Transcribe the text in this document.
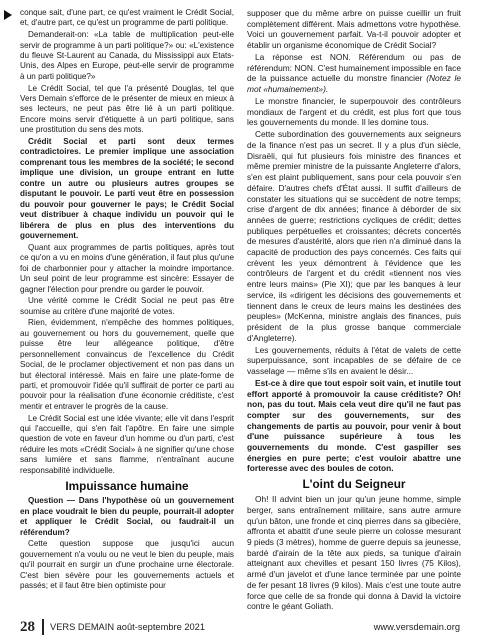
conque sait, d'une part, ce qu'est vraiment le Crédit Social, et, d'autre part, ce qu'est un programme de parti politique.

Demanderait-on: «La table de multiplication peut-elle servir de programme à un parti politique?» ou: «L'existence du fleuve St-Laurent au Canada, du Mississippi aux Etats-Unis, des Alpes en Europe, peut-elle servir de programme à un parti politique?»

Le Crédit Social, tel que l'a présenté Douglas, tel que Vers Demain s'efforce de le présenter de mieux en mieux à ses lecteurs, ne peut pas être lié à un parti politique. Encore moins servir d'étiquette à un parti politique, sans une prostitution du sens des mots.

Crédit Social et parti sont deux termes contradictoires. Le premier implique une association comprenant tous les membres de la société; le second implique une division, un groupe entrant en lutte contre un autre ou plusieurs autres groupes se disputant le pouvoir. Le parti veut être en possession du pouvoir pour gouverner le pays; le Crédit Social veut distribuer à chaque individu un pouvoir qui le libérera de plus en plus des interventions du gouvernement.

Quant aux programmes de partis politiques, après tout ce qu'on a vu en moins d'une génération, il faut plus qu'une foi de charbonnier pour y attacher la moindre importance. Un seul point de leur programme est sincère: Essayer de gagner l'élection pour prendre ou garder le pouvoir.

Une vérité comme le Crédit Social ne peut pas être soumise au critère d'une majorité de votes.

Rien, évidemment, n'empêche des hommes politiques, au gouvernement ou hors du gouvernement, quelle que puisse être leur allégeance politique, d'être personnellement convaincus de l'excellence du Crédit Social, de le proclamer objectivement et non pas dans un but électoral intéressé. Mais en faire une plate-forme de parti, et promouvoir l'idée qu'il suffirait de porter ce parti au pouvoir pour la réalisation d'une économie créditiste, c'est mentir et entraver le progrès de la cause.

Le Crédit Social est une idée vivante; elle vit dans l'esprit qui l'accueille, qui s'en fait l'apôtre. En faire une simple question de vote en faveur d'un homme ou d'un parti, c'est réduire les mots «Crédit Social» à ne signifier qu'une chose sans lumière et sans flamme, n'entraînant aucune responsabilité individuelle.

Impuissance humaine

Question — Dans l'hypothèse où un gouvernement en place voudrait le bien du peuple, pourrait-il adopter et appliquer le Crédit Social, ou faudrait-il un référendum?

Cette question suppose que jusqu'ici aucun gouvernement n'a voulu ou ne veut le bien du peuple, mais qu'il pourrait en surgir un d'une prochaine urne électorale. C'est bien sévère pour les gouvernements actuels et passés; et il faut être bien optimiste pour

supposer que du même arbre on puisse cueillir un fruit complètement différent. Mais admettons votre hypothèse. Voici un gouvernement parfait. Va-t-il pouvoir adopter et établir un organisme économique de Crédit Social?

La réponse est NON. Référendum ou pas de référendum: NON. C'est humainement impossible en face de la puissance actuelle du monstre financier (Notez le mot «humainement»).

Le monstre financier, le superpouvoir des contrôleurs mondiaux de l'argent et du crédit, est plus fort que tous les gouvernements du monde. Il les domine tous.

Cette subordination des gouvernements aux seigneurs de la finance n'est pas un secret. Il y a plus d'un siècle, Disraëli, qui fut plusieurs fois ministre des finances et même premier ministre de la puissante Angleterre d'alors, s'en est plaint publiquement, sans pour cela pouvoir s'en défaire. D'autres chefs d'État aussi. Il suffit d'ailleurs de constater les situations qui se succèdent de notre temps; crise d'argent de dix années; finance à déborder de six années de guerre; restrictions cycliques de crédit; dettes publiques perpétuelles et croissantes; décrets concertés de mesures d'austérité, alors que rien n'a diminué dans la capacité de production des pays concernés. Ces faits qui crèvent les yeux démontrent à l'évidence que les contrôleurs de l'argent et du crédit «tiennent nos vies entre leurs mains» (Pie XI); que par les banques à leur service, ils «dirigent les décisions des gouvernements et tiennent dans le creux de leurs mains les destinées des peuples» (McKenna, ministre anglais des finances, puis président de la plus grosse banque commerciale d'Angleterre).

Les gouvernements, réduits à l'état de valets de cette superpuissance, sont incapables de se défaire de ce vasselage — même s'ils en avaient le désir...

Est-ce à dire que tout espoir soit vain, et inutile tout effort apporté à promouvoir la cause créditiste? Oh! non, pas du tout. Mais cela veut dire qu'il ne faut pas compter sur des gouvernements, sur des changements de partis au pouvoir, pour venir à bout d'une puissance supérieure à tous les gouvernements du monde. C'est gaspiller ses énergies en pure perte; c'est vouloir abattre une forteresse avec des boules de coton.

L'oint du Seigneur

Oh! Il advint bien un jour qu'un jeune homme, simple berger, sans entraînement militaire, sans autre armure qu'un bâton, une fronde et cinq pierres dans sa gibecière, affronta et abattit d'une seule pierre un colosse mesurant 9 pieds (3 mètres), homme de guerre depuis sa jeunesse, bardé d'airain de la tête aux pieds, sa tunique d'airain atteignant aux chevilles et pesant 150 livres (75 Kilos), armé d'un javelot et d'une lance terminée par une pointe de fer pesant 18 livres (9 kilos). Mais c'est une toute autre force que celle de sa fronde qui donna à David la victoire contre le géant Goliath.

28 VERS DEMAIN août-septembre 2021	www.versdemain.org
